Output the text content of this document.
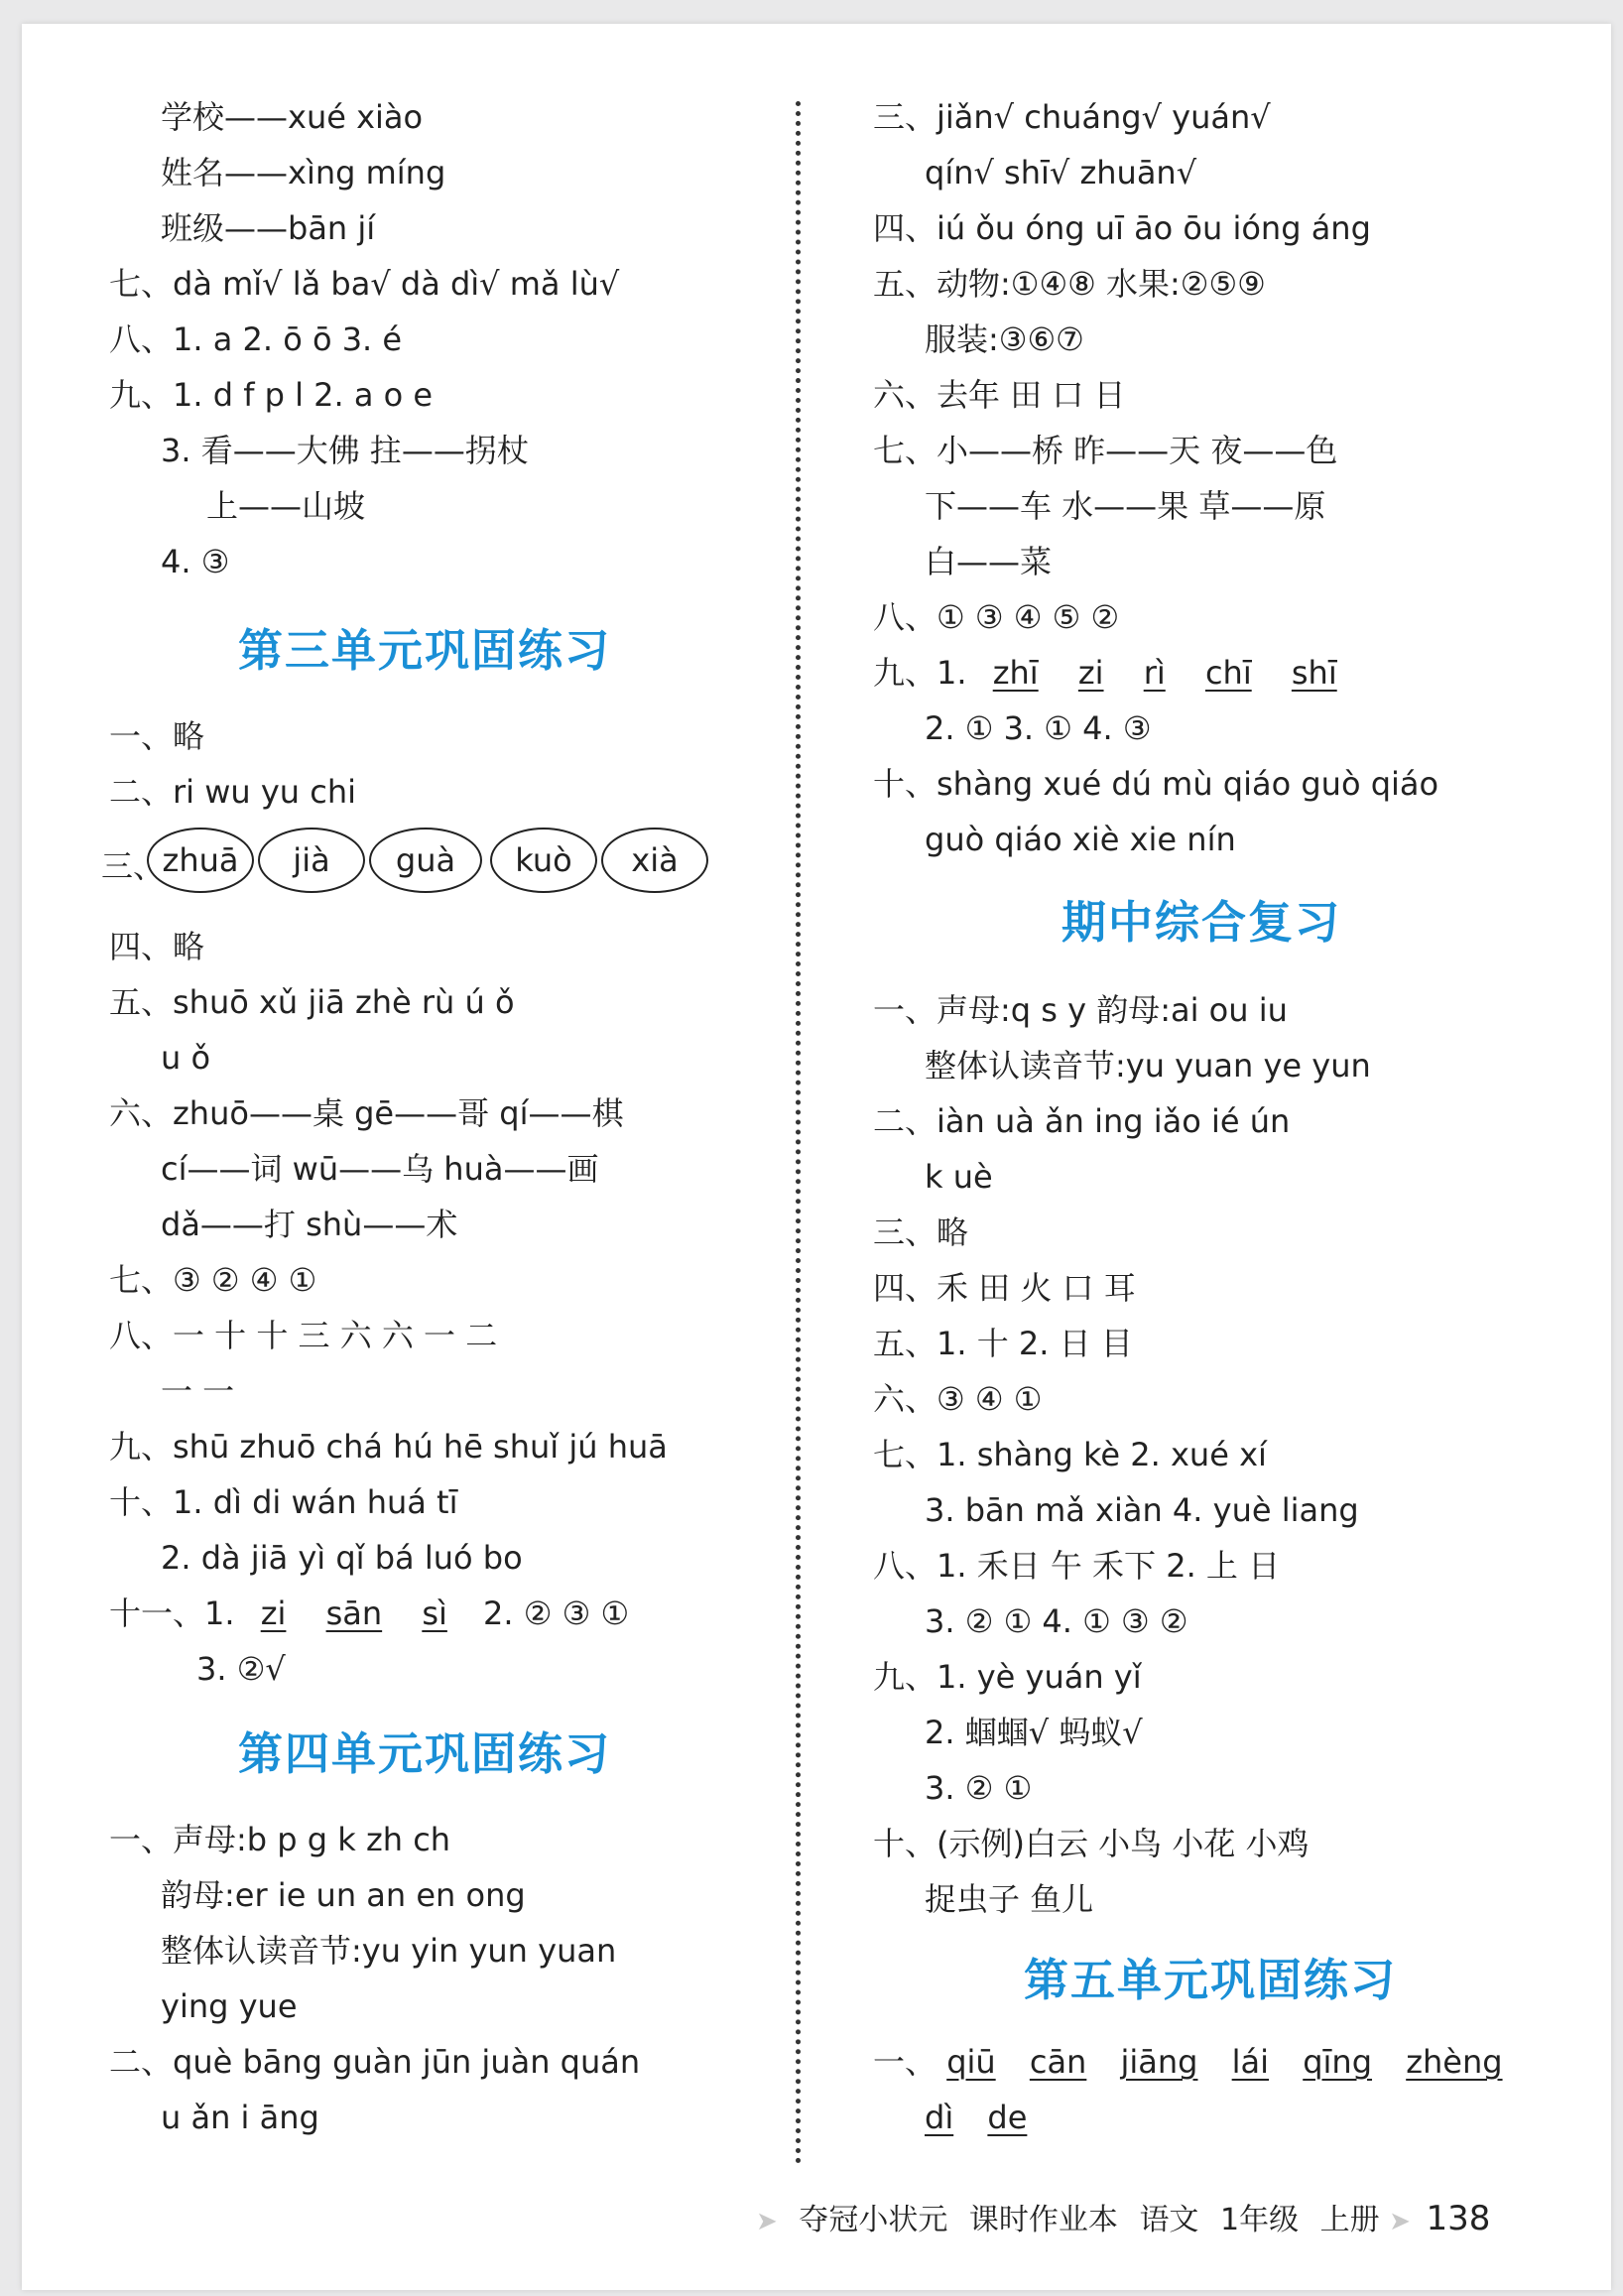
学校——xué xiào
姓名——xìng míng
班级——bān jí
七、dà mǐ√ lǎ ba√ dà dì√ mǎ lù√
八、1. a 2. ō ō 3. é
九、1. d f p l 2. a o e
3. 看——大佛 拄——拐杖
上——山坡
4. ③
第三单元巩固练习
一、略
二、ri wu yu chi
三、
zhuā	jià	guà	kuò	xià
四、略
五、shuō xǔ jiā zhè rù ú ǒ
u ǒ
六、zhuō——桌 gē——哥 qí——棋
cí——词 wū——乌 huà——画
dǎ——打 shù——术
七、③ ② ④ ①
八、一 十 十 三 六 六 一 二
一 一
九、shū zhuō chá hú hē shuǐ jú huā
十、1. dì di wán huá tī
2. dà jiā yì qǐ bá luó bo
十一、1. zi sān sì 2. ② ③ ①
3. ②√
第四单元巩固练习
一、声母:b p g k zh ch
韵母:er ie un an en ong
整体认读音节:yu yin yun yuan
ying yue
二、què bāng guàn jūn juàn quán
u ǎn i āng
三、jiǎn√ chuáng√ yuán√
qín√ shī√ zhuān√
四、iú ǒu óng uī āo ōu ióng áng
五、动物:①④⑧ 水果:②⑤⑨
服装:③⑥⑦
六、去年 田 口 日
七、小——桥 昨——天 夜——色
下——车 水——果 草——原
白——菜
八、① ③ ④ ⑤ ②
九、1. zhī zi rì chī shī
2. ① 3. ① 4. ③
十、shàng xué dú mù qiáo guò qiáo
guò qiáo xiè xie nín
期中综合复习
一、声母:q s y 韵母:ai ou iu
整体认读音节:yu yuan ye yun
二、iàn uà ǎn ing iǎo ié ún
k uè
三、略
四、禾 田 火 口 耳
五、1. 十 2. 日 目
六、③ ④ ①
七、1. shàng kè 2. xué xí
3. bān mǎ xiàn 4. yuè liang
八、1. 禾日 午 禾下 2. 上 日
3. ② ① 4. ① ③ ②
九、1. yè yuán yǐ
2. 蝈蝈√ 蚂蚁√
3. ② ①
十、(示例)白云 小鸟 小花 小鸡
捉虫子 鱼儿
第五单元巩固练习
一、 qiū cān jiāng lái qīng zhèng
dì de
➤ 夺冠小状元 课时作业本 语文 1年级 上册 ➤ 138
